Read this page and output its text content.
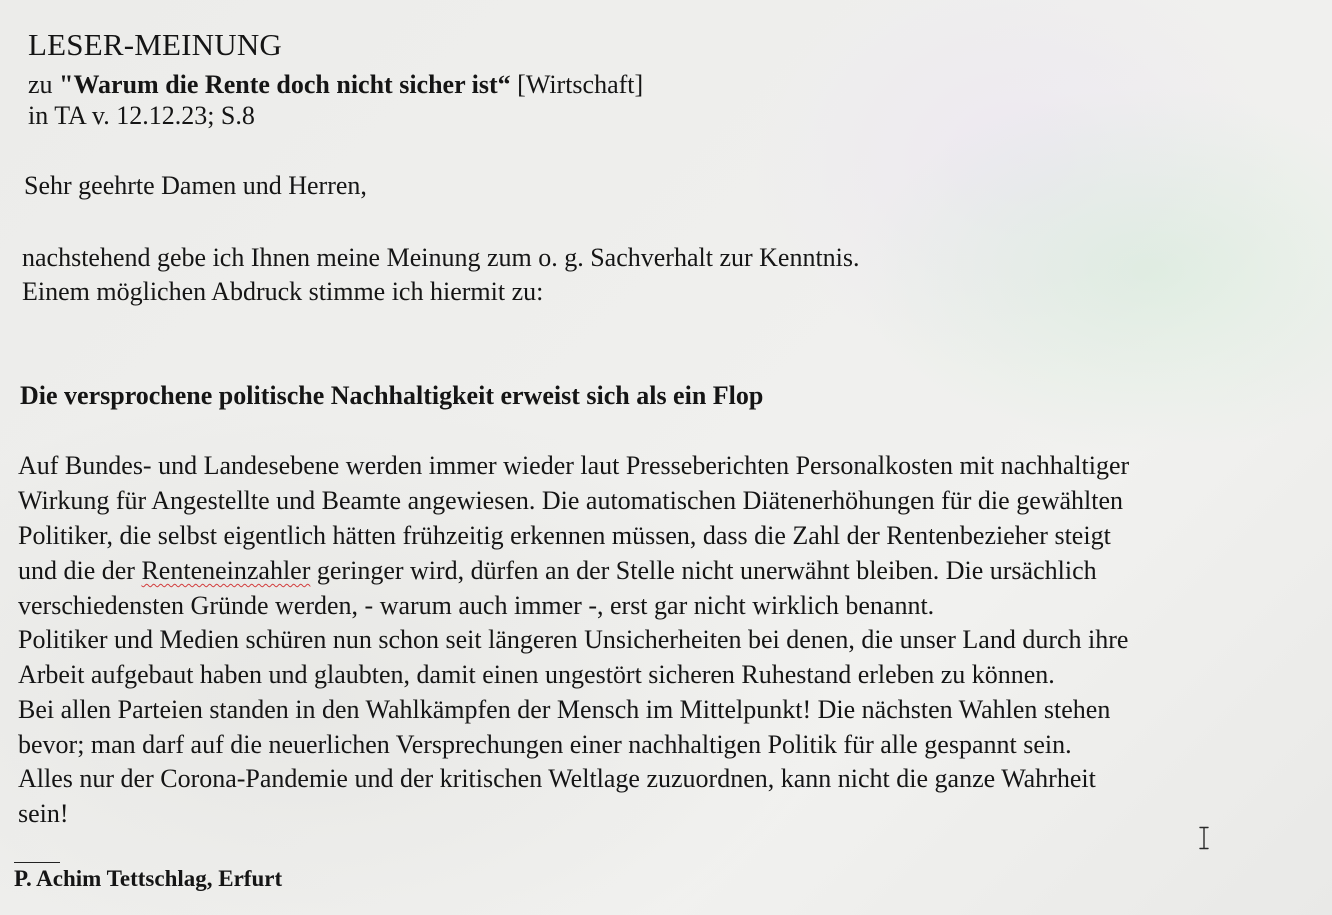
LESER-MEINUNG
zu "Warum die Rente doch nicht sicher ist“ [Wirtschaft]
in TA v. 12.12.23; S.8
Sehr geehrte Damen und Herren,
nachstehend gebe ich Ihnen meine Meinung zum o. g. Sachverhalt zur Kenntnis.
Einem möglichen Abdruck stimme ich hiermit zu:
Die versprochene politische Nachhaltigkeit erweist sich als ein Flop
Auf Bundes- und Landesebene werden immer wieder laut Presseberichten Personalkosten mit nachhaltiger
Wirkung für Angestellte und Beamte angewiesen. Die automatischen Diätenerhöhungen für die gewählten
Politiker, die selbst eigentlich hätten frühzeitig erkennen müssen, dass die Zahl der Rentenbezieher steigt
und die der Renteneinzahler geringer wird, dürfen an der Stelle nicht unerwähnt bleiben. Die ursächlich
verschiedensten Gründe werden, - warum auch immer -, erst gar nicht wirklich benannt.
Politiker und Medien schüren nun schon seit längeren Unsicherheiten bei denen, die unser Land durch ihre
Arbeit aufgebaut haben und glaubten, damit einen ungestört sicheren Ruhestand erleben zu können.
Bei allen Parteien standen in den Wahlkämpfen der Mensch im Mittelpunkt! Die nächsten Wahlen stehen
bevor; man darf auf die neuerlichen Versprechungen einer nachhaltigen Politik für alle gespannt sein.
Alles nur der Corona-Pandemie und der kritischen Weltlage zuzuordnen, kann nicht die ganze Wahrheit
sein!
P. Achim Tettschlag, Erfurt
